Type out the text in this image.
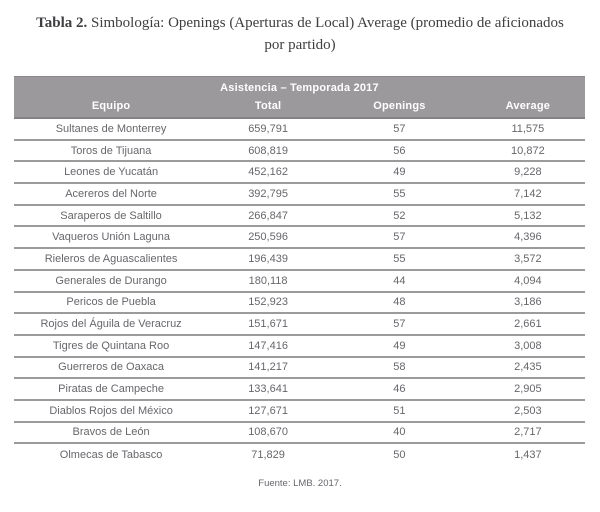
Tabla 2. Simbología: Openings (Aperturas de Local) Average (promedio de aficionados por partido)
Asistencia – Temporada 2017
Equipo	Total	Openings	Average
Sultanes de Monterrey	659,791	57	11,575
Toros de Tijuana	608,819	56	10,872
Leones de Yucatán	452,162	49	9,228
Acereros del Norte	392,795	55	7,142
Saraperos de Saltillo	266,847	52	5,132
Vaqueros Unión Laguna	250,596	57	4,396
Rieleros de Aguascalientes	196,439	55	3,572
Generales de Durango	180,118	44	4,094
Pericos de Puebla	152,923	48	3,186
Rojos del Águila de Veracruz	151,671	57	2,661
Tigres de Quintana Roo	147,416	49	3,008
Guerreros de Oaxaca	141,217	58	2,435
Piratas de Campeche	133,641	46	2,905
Diablos Rojos del México	127,671	51	2,503
Bravos de León	108,670	40	2,717
Olmecas de Tabasco	71,829	50	1,437
Fuente: LMB. 2017.
